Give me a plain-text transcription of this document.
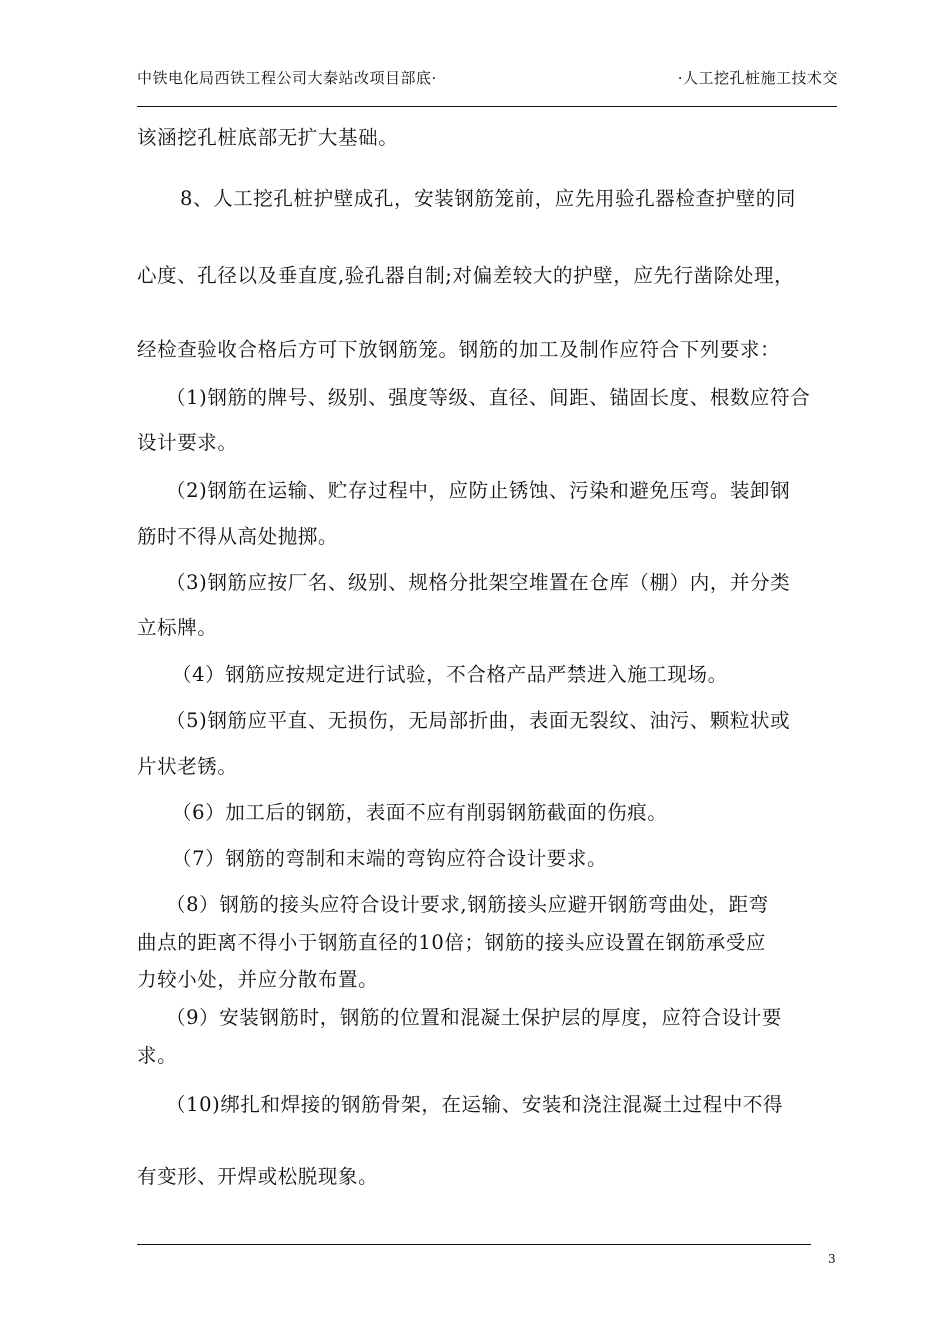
中铁电化局西铁工程公司大秦站改项目部底·	·人工挖孔桩施工技术交
该涵挖孔桩底部无扩大基础。
8、人工挖孔桩护壁成孔，安装钢筋笼前，应先用验孔器检查护壁的同
心度、孔径以及垂直度,验孔器自制;对偏差较大的护壁，应先行凿除处理，
经检查验收合格后方可下放钢筋笼。钢筋的加工及制作应符合下列要求：
（1)钢筋的牌号、级别、强度等级、直径、间距、锚固长度、根数应符合
设计要求。
（2)钢筋在运输、贮存过程中，应防止锈蚀、污染和避免压弯。装卸钢
筋时不得从高处抛掷。
（3)钢筋应按厂名、级别、规格分批架空堆置在仓库（棚）内，并分类
立标牌。
（4）钢筋应按规定进行试验，不合格产品严禁进入施工现场。
（5)钢筋应平直、无损伤，无局部折曲，表面无裂纹、油污、颗粒状或
片状老锈。
（6）加工后的钢筋，表面不应有削弱钢筋截面的伤痕。
（7）钢筋的弯制和末端的弯钩应符合设计要求。
（8）钢筋的接头应符合设计要求,钢筋接头应避开钢筋弯曲处，距弯
曲点的距离不得小于钢筋直径的10倍；钢筋的接头应设置在钢筋承受应
力较小处，并应分散布置。
（9）安装钢筋时，钢筋的位置和混凝土保护层的厚度，应符合设计要
求。
（10)绑扎和焊接的钢筋骨架，在运输、安装和浇注混凝土过程中不得
有变形、开焊或松脱现象。
3
